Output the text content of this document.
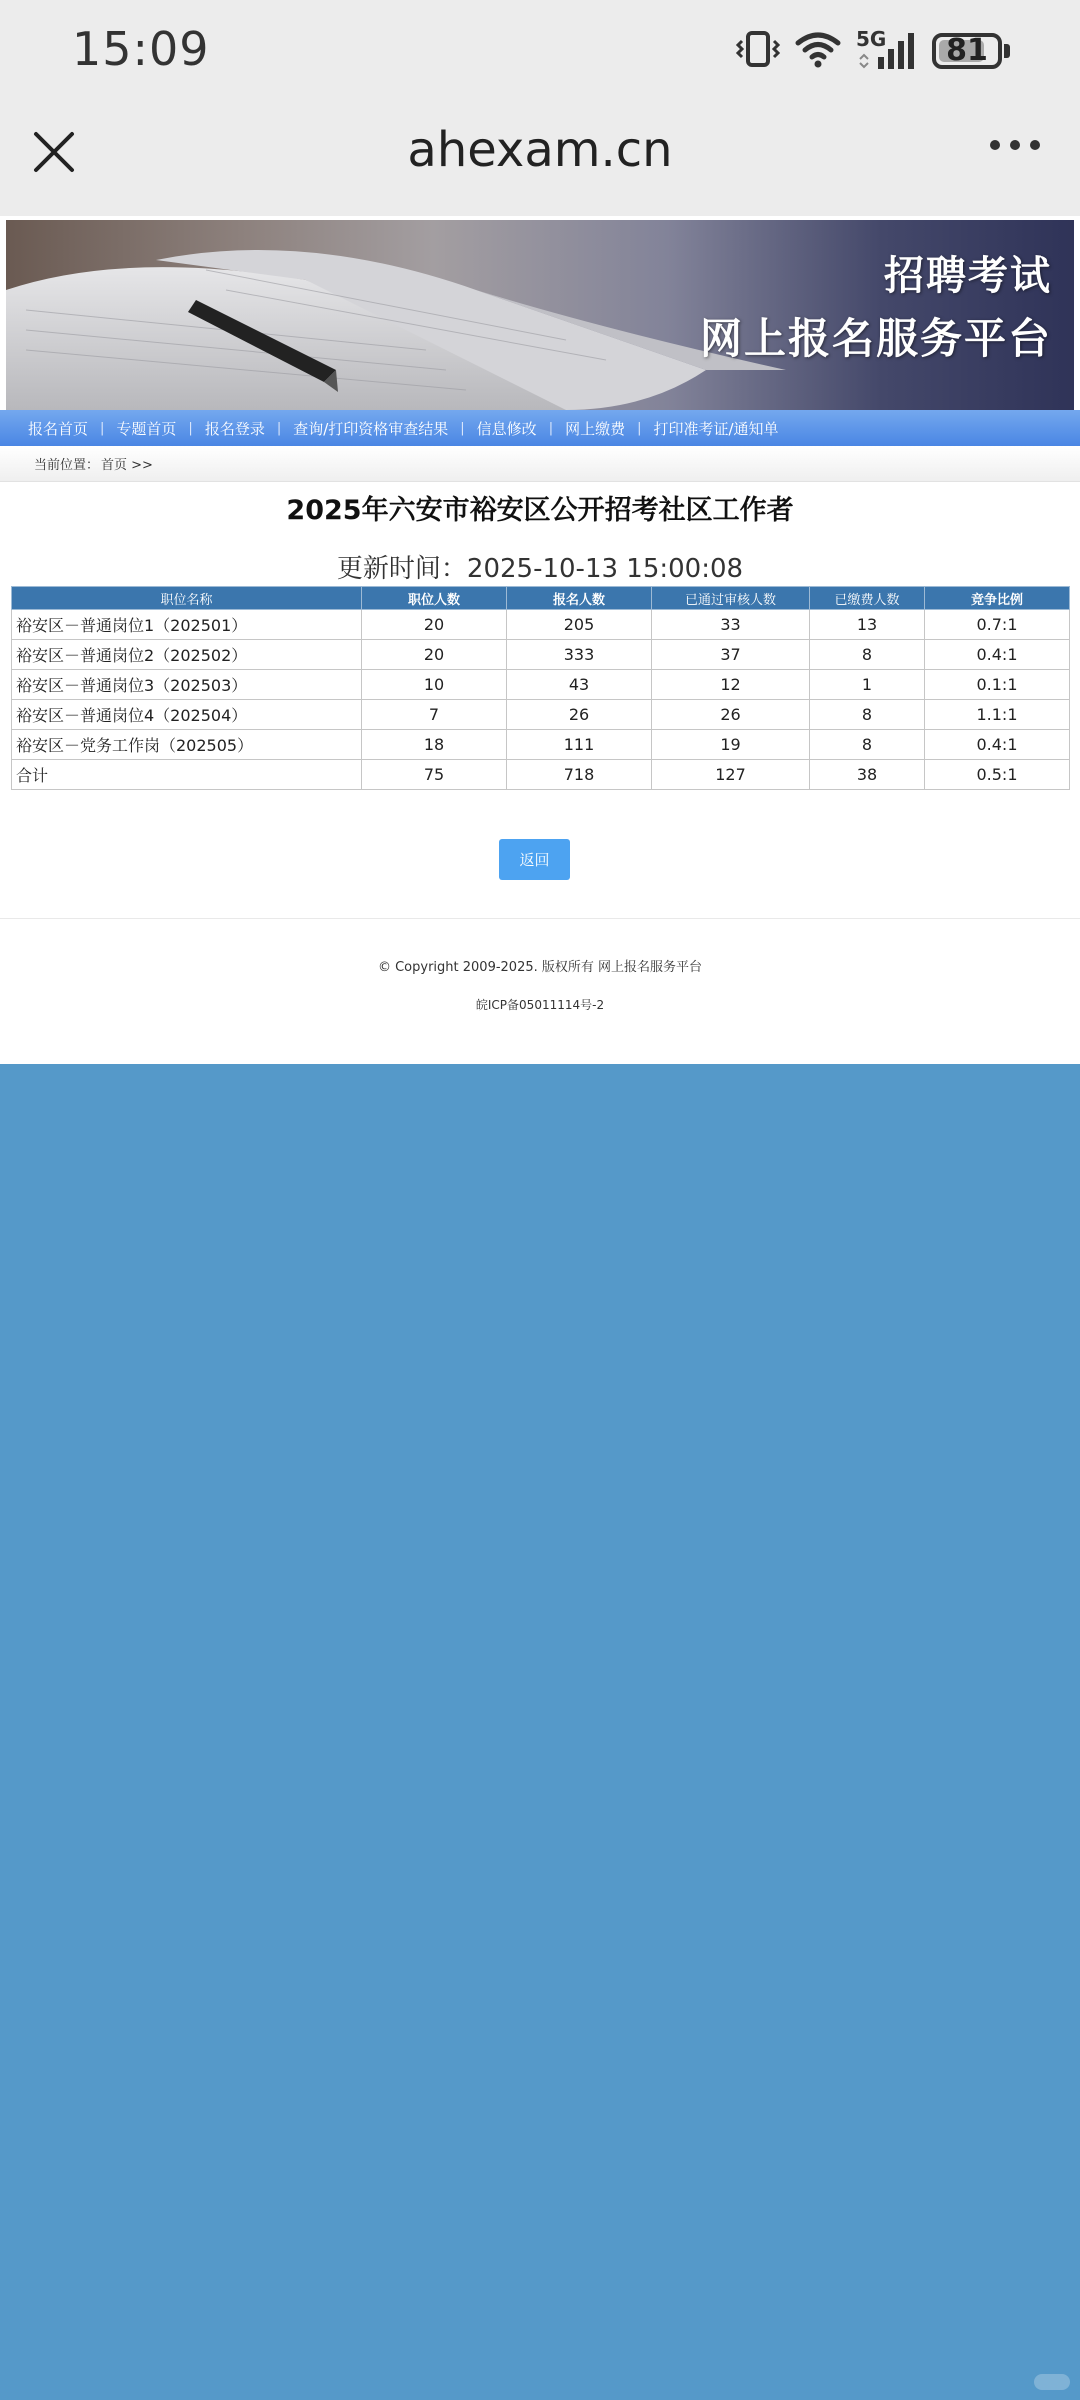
15:09	5G 81
ahexam.cn
招聘考试
网上报名服务平台
报名首页 | 专题首页 | 报名登录 | 查询/打印资格审查结果 | 信息修改 | 网上缴费 | 打印准考证/通知单
当前位置： 首页 >>
2025年六安市裕安区公开招考社区工作者
更新时间：2025-10-13 15:00:08
职位名称	职位人数	报名人数	已通过审核人数	已缴费人数	竞争比例
裕安区－普通岗位1（202501）	20	205	33	13	0.7:1
裕安区－普通岗位2（202502）	20	333	37	8	0.4:1
裕安区－普通岗位3（202503）	10	43	12	1	0.1:1
裕安区－普通岗位4（202504）	7	26	26	8	1.1:1
裕安区－党务工作岗（202505）	18	111	19	8	0.4:1
合计	75	718	127	38	0.5:1
返回
© Copyright 2009-2025. 版权所有 网上报名服务平台
皖ICP备05011114号-2
